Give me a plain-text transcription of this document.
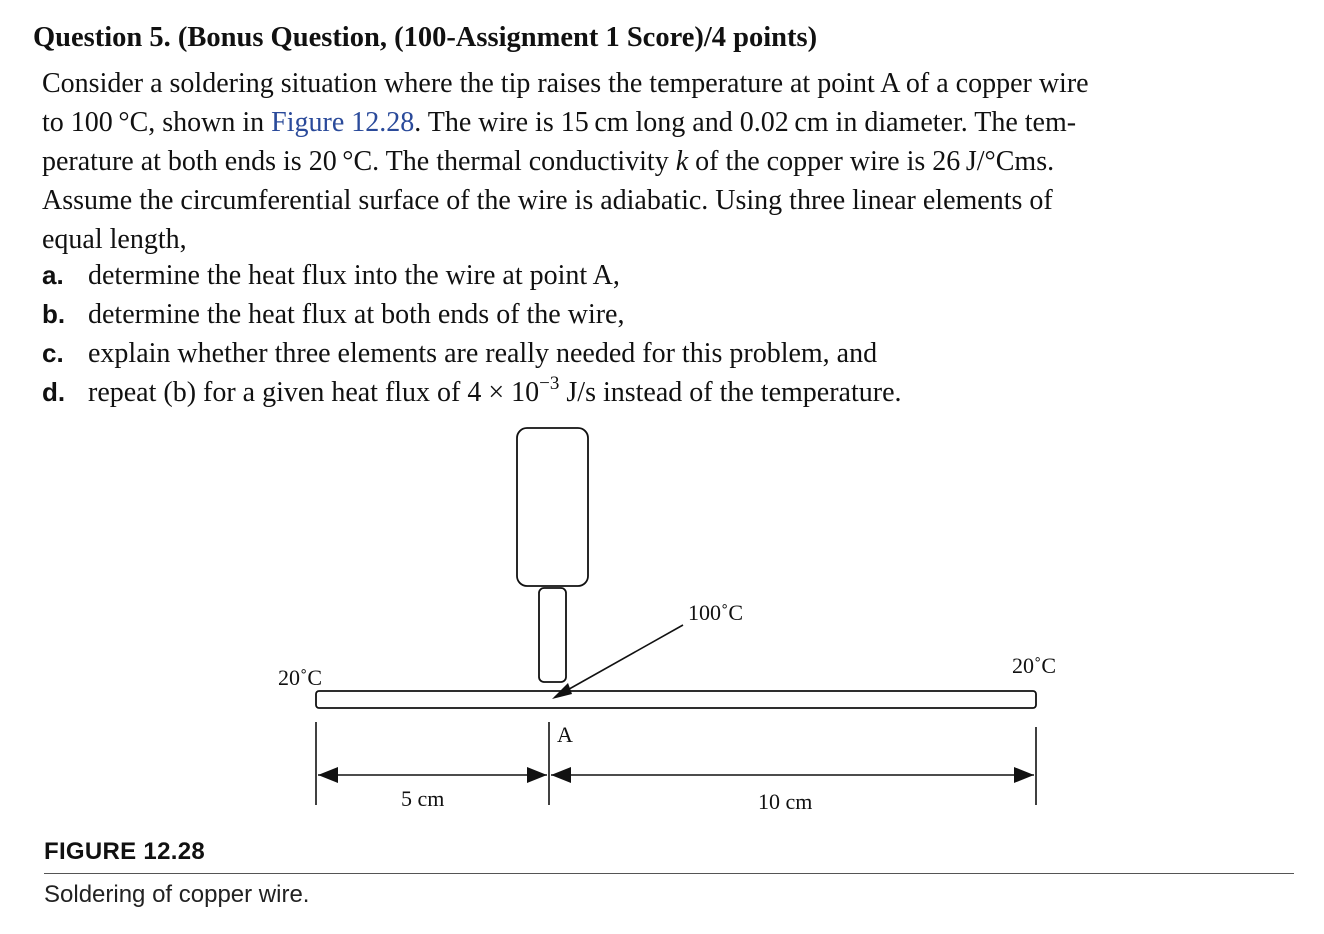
Question 5. (Bonus Question, (100-Assignment 1 Score)/4 points)
Consider a soldering situation where the tip raises the temperature at point A of a copper wire
to 100 °C, shown in Figure 12.28. The wire is 15 cm long and 0.02 cm in diameter. The tem-
perature at both ends is 20 °C. The thermal conductivity k of the copper wire is 26 J/°Cms.
Assume the circumferential surface of the wire is adiabatic. Using three linear elements of
equal length,
a. determine the heat flux into the wire at point A,
b. determine the heat flux at both ends of the wire,
c. explain whether three elements are really needed for this problem, and
d. repeat (b) for a given heat flux of $4 \times 10^{-3}$ J/s instead of the temperature.
20˚C	20˚C
100˚C
A
5 cm	10 cm
FIGURE 12.28
Soldering of copper wire.
